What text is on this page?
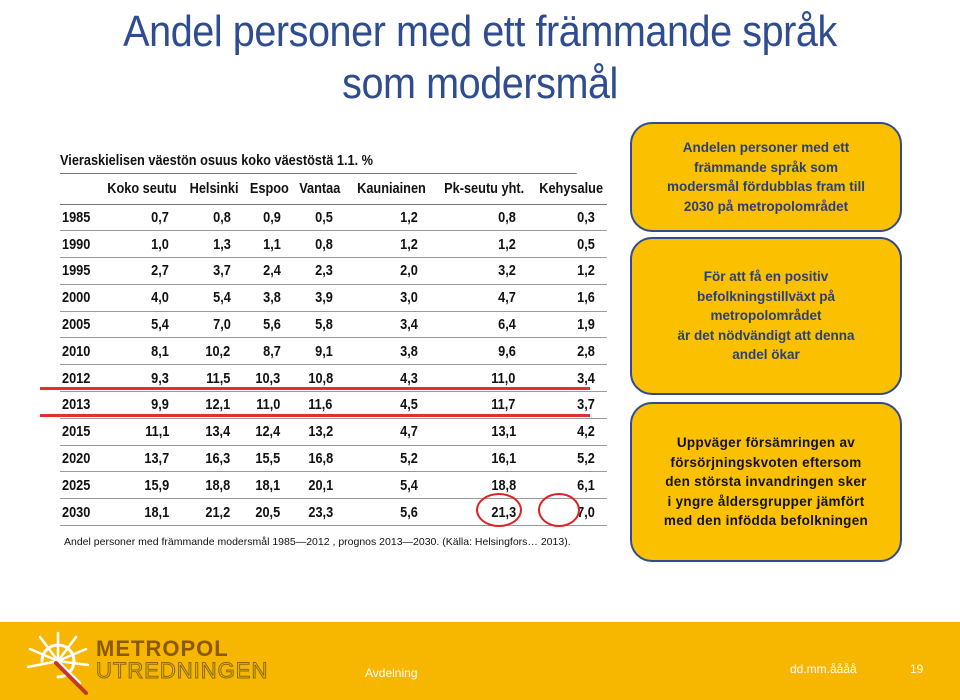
Andel personer med ett främmande språk
som modersmål
Vieraskielisen väestön osuus koko väestöstä 1.1. %
	Koko seutu	Helsinki	Espoo	Vantaa	Kauniainen	Pk-seutu yht.	Kehysalue
1985	0,7	0,8	0,9	0,5	1,2	0,8	0,3
1990	1,0	1,3	1,1	0,8	1,2	1,2	0,5
1995	2,7	3,7	2,4	2,3	2,0	3,2	1,2
2000	4,0	5,4	3,8	3,9	3,0	4,7	1,6
2005	5,4	7,0	5,6	5,8	3,4	6,4	1,9
2010	8,1	10,2	8,7	9,1	3,8	9,6	2,8
2012	9,3	11,5	10,3	10,8	4,3	11,0	3,4
2013	9,9	12,1	11,0	11,6	4,5	11,7	3,7
2015	11,1	13,4	12,4	13,2	4,7	13,1	4,2
2020	13,7	16,3	15,5	16,8	5,2	16,1	5,2
2025	15,9	18,8	18,1	20,1	5,4	18,8	6,1
2030	18,1	21,2	20,5	23,3	5,6	21,3	7,0
Andel personer med främmande modersmål 1985—2012 , prognos 2013—2030. (Källa: Helsingfors… 2013).

Andelen personer med ett
främmande språk som
modersmål fördubblas fram till
2030 på metropolområdet

För att få en positiv
befolkningstillväxt på
metropolområdet
är det nödvändigt att denna
andel ökar

Uppväger försämringen av
försörjningskvoten eftersom
den största invandringen sker
i yngre åldersgrupper jämfört
med den infödda befolkningen

METROPOL
UTREDNINGEN	Avdelning	dd.mm.åååå	19
